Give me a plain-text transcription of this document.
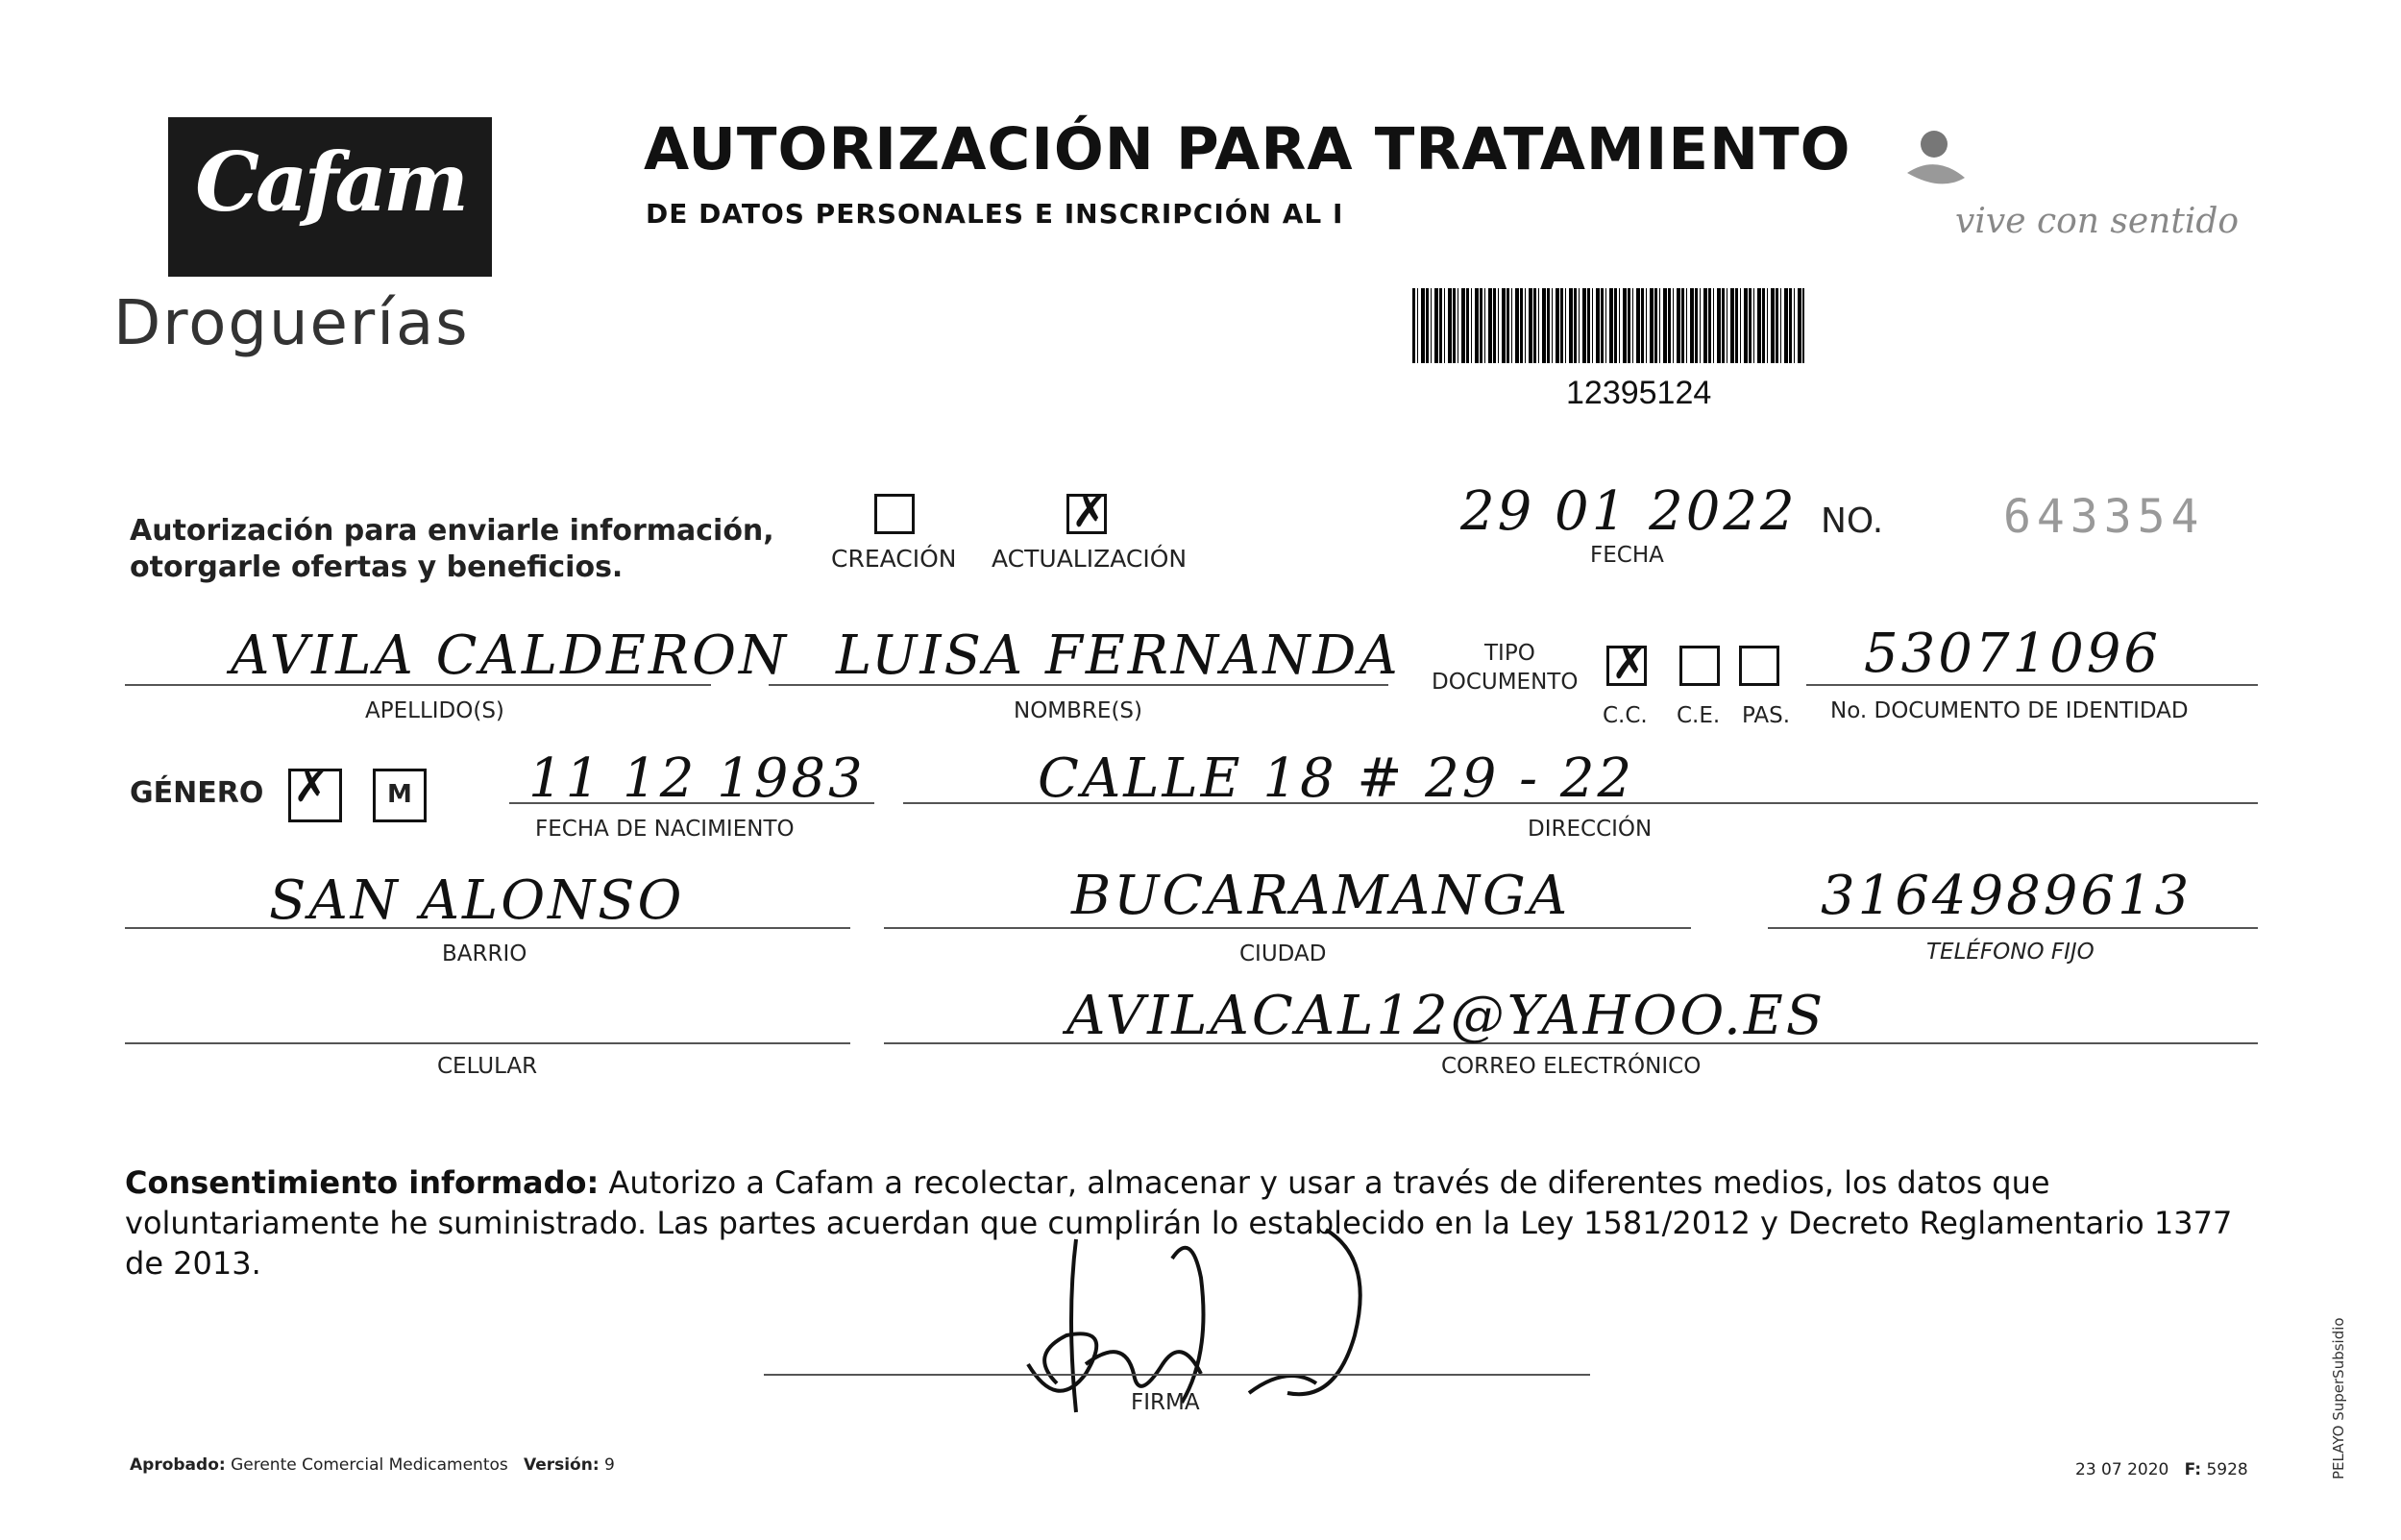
Cafam
Droguerías
AUTORIZACIÓN PARA TRATAMIENTO
DE DATOS PERSONALES E INSCRIPCIÓN AL I
12395124
vive con sentido
Autorización para enviarle información,
otorgarle ofertas y beneficios.	CREACIÓN
✗ ACTUALIZACIÓN
29 01 2022
FECHA
NO.	643354
AVILA CALDERON
APELLIDO(S)
LUISA FERNANDA
NOMBRE(S)
TIPO
DOCUMENTO
✗
C.C. C.E. PAS.
53071096
No. DOCUMENTO DE IDENTIDAD
GÉNERO
✗	M 11 12 1983
FECHA DE NACIMIENTO
CALLE 18 # 29 - 22
DIRECCIÓN
SAN ALONSO
BARRIO
BUCARAMANGA
CIUDAD
3164989613
TELÉFONO FIJO
CELULAR
AVILACAL12@YAHOO.ES
CORREO ELECTRÓNICO
Consentimiento informado: Autorizo a Cafam a recolectar, almacenar y usar a través de diferentes medios, los datos que voluntariamente he suministrado. Las partes acuerdan que cumplirán lo establecido en la Ley 1581/2012 y Decreto Reglamentario 1377 de 2013.
FIRMA
Aprobado: Gerente Comercial Medicamentos Versión: 9	23 07 2020 F: 5928	PELAYO SuperSubsidio
